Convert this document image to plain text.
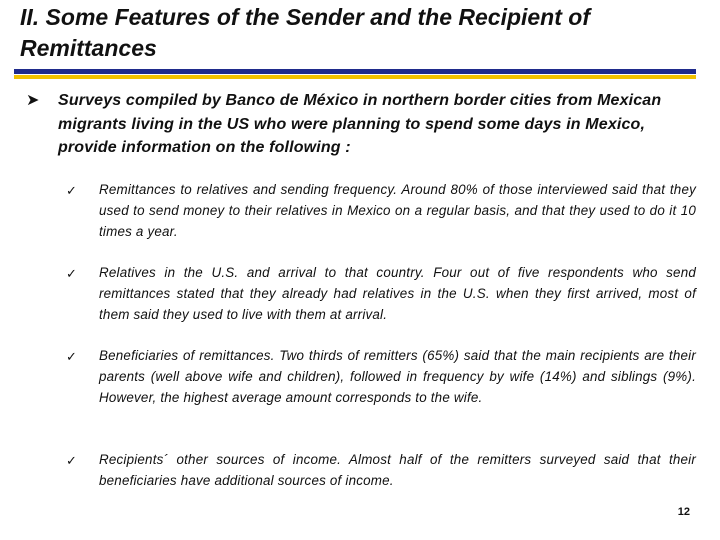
II. Some Features of the Sender and the Recipient of Remittances
➤ Surveys compiled by Banco de México in northern border cities from Mexican migrants living in the US who were planning to spend some days in Mexico, provide information on the following :
✓ Remittances to relatives and sending frequency. Around 80% of those interviewed said that they used to send money to their relatives in Mexico on a regular basis, and that they used to do it 10 times a year.
✓ Relatives in the U.S. and arrival to that country. Four out of five respondents who send remittances stated that they already had relatives in the U.S. when they first arrived, most of them said they used to live with them at arrival.
✓ Beneficiaries of remittances. Two thirds of remitters (65%) said that the main recipients are their parents (well above wife and children), followed in frequency by wife (14%) and siblings (9%). However, the highest average amount corresponds to the wife.
✓ Recipients´ other sources of income. Almost half of the remitters surveyed said that their beneficiaries have additional sources of income.
12
